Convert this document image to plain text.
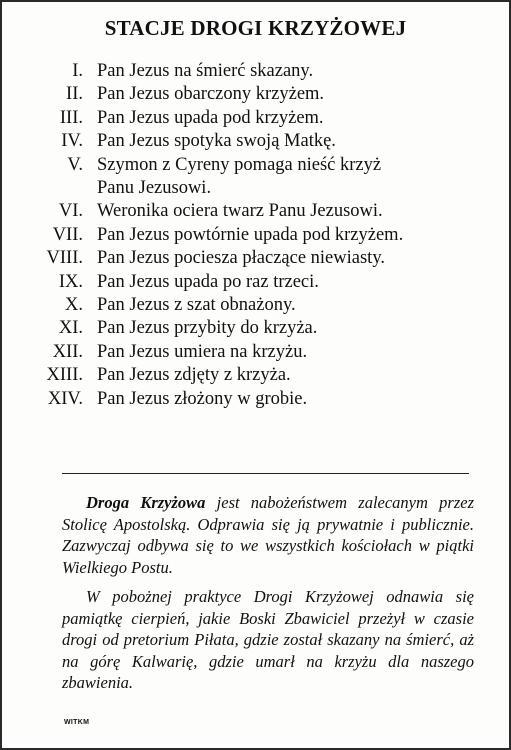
STACJE DROGI KRZYŻOWEJ
I. Pan Jezus na śmierć skazany.
II. Pan Jezus obarczony krzyżem.
III. Pan Jezus upada pod krzyżem.
IV. Pan Jezus spotyka swoją Matkę.
V. Szymon z Cyreny pomaga nieść krzyż
Panu Jezusowi.
VI. Weronika ociera twarz Panu Jezusowi.
VII. Pan Jezus powtórnie upada pod krzyżem.
VIII. Pan Jezus pociesza płaczące niewiasty.
IX. Pan Jezus upada po raz trzeci.
X. Pan Jezus z szat obnażony.
XI. Pan Jezus przybity do krzyża.
XII. Pan Jezus umiera na krzyżu.
XIII. Pan Jezus zdjęty z krzyża.
XIV. Pan Jezus złożony w grobie.

Droga Krzyżowa jest nabożeństwem zalecanym przez Stolicę Apostolską. Odprawia się ją prywatnie i publicznie. Zazwyczaj odbywa się to we wszystkich kościołach w piątki Wielkiego Postu.

W pobożnej praktyce Drogi Krzyżowej odnawia się pamiątkę cierpień, jakie Boski Zbawiciel przeżył w czasie drogi od pretorium Piłata, gdzie został skazany na śmierć, aż na górę Kalwarię, gdzie umarł na krzyżu dla naszego zbawienia.

WITKM
